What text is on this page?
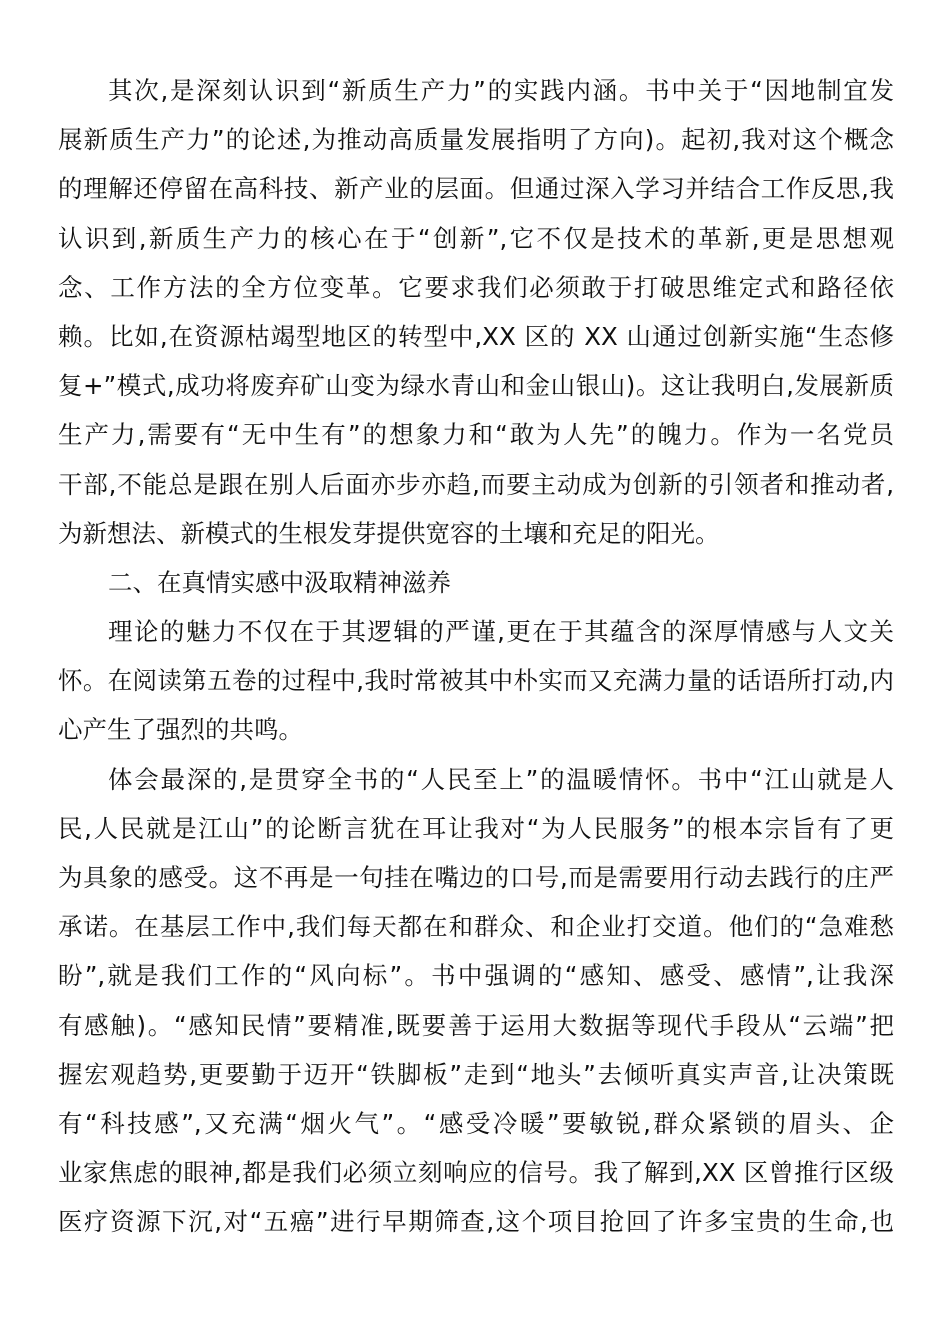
其次,是深刻认识到“新质生产力”的实践内涵。书中关于“因地制宜发
展新质生产力”的论述,为推动高质量发展指明了方向)。起初,我对这个概念
的理解还停留在高科技、新产业的层面。但通过深入学习并结合工作反思,我
认识到,新质生产力的核心在于“创新”,它不仅是技术的革新,更是思想观
念、工作方法的全方位变革。它要求我们必须敢于打破思维定式和路径依
赖。比如,在资源枯竭型地区的转型中,XX 区的 XX 山通过创新实施“生态修
复+”模式,成功将废弃矿山变为绿水青山和金山银山)。这让我明白,发展新质
生产力,需要有“无中生有”的想象力和“敢为人先”的魄力。作为一名党员
干部,不能总是跟在别人后面亦步亦趋,而要主动成为创新的引领者和推动者,
为新想法、新模式的生根发芽提供宽容的土壤和充足的阳光。
二、在真情实感中汲取精神滋养
理论的魅力不仅在于其逻辑的严谨,更在于其蕴含的深厚情感与人文关
怀。在阅读第五卷的过程中,我时常被其中朴实而又充满力量的话语所打动,内
心产生了强烈的共鸣。
体会最深的,是贯穿全书的“人民至上”的温暖情怀。书中“江山就是人
民,人民就是江山”的论断言犹在耳让我对“为人民服务”的根本宗旨有了更
为具象的感受。这不再是一句挂在嘴边的口号,而是需要用行动去践行的庄严
承诺。在基层工作中,我们每天都在和群众、和企业打交道。他们的“急难愁
盼”,就是我们工作的“风向标”。书中强调的“感知、感受、感情”,让我深
有感触)。“感知民情”要精准,既要善于运用大数据等现代手段从“云端”把
握宏观趋势,更要勤于迈开“铁脚板”走到“地头”去倾听真实声音,让决策既
有“科技感”,又充满“烟火气”。“感受冷暖”要敏锐,群众紧锁的眉头、企
业家焦虑的眼神,都是我们必须立刻响应的信号。我了解到,XX 区曾推行区级
医疗资源下沉,对“五癌”进行早期筛查,这个项目抢回了许多宝贵的生命,也
